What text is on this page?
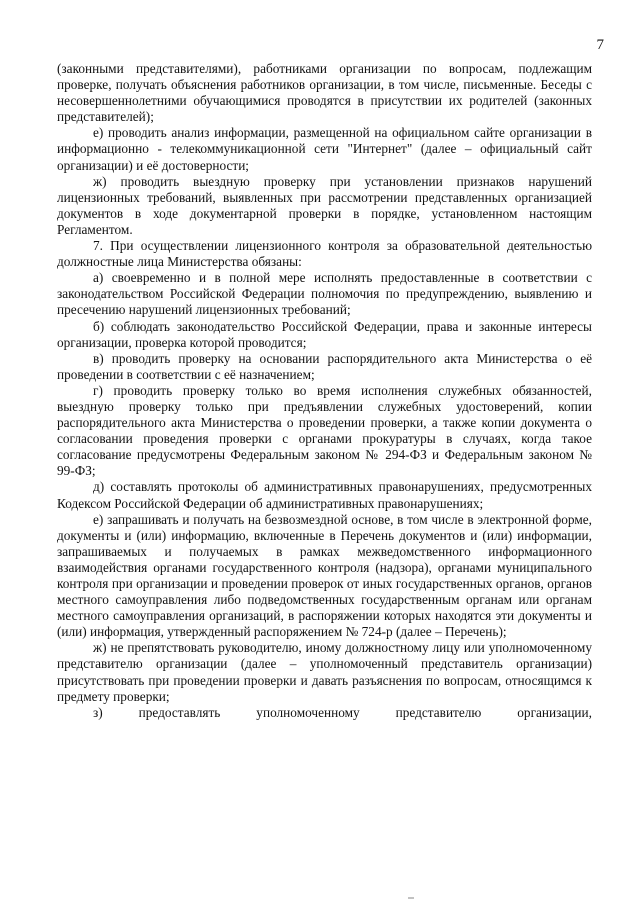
7

(законными представителями), работниками организации по вопросам, подлежащим проверке, получать объяснения работников организации, в том числе, письменные. Беседы с несовершеннолетними обучающимися проводятся в присутствии их родителей (законных представителей);

е) проводить анализ информации, размещенной на официальном сайте организации в информационно - телекоммуникационной сети "Интернет" (далее – официальный сайт организации) и её достоверности;

ж) проводить выездную проверку при установлении признаков нарушений лицензионных требований, выявленных при рассмотрении представленных организацией документов в ходе документарной проверки в порядке, установленном настоящим Регламентом.

7. При осуществлении лицензионного контроля за образовательной деятельностью должностные лица Министерства обязаны:

а) своевременно и в полной мере исполнять предоставленные в соответствии с законодательством Российской Федерации полномочия по предупреждению, выявлению и пресечению нарушений лицензионных требований;

б) соблюдать законодательство Российской Федерации, права и законные интересы организации, проверка которой проводится;

в) проводить проверку на основании распорядительного акта Министерства о её проведении в соответствии с её назначением;

г) проводить проверку только во время исполнения служебных обязанностей, выездную проверку только при предъявлении служебных удостоверений, копии распорядительного акта Министерства о проведении проверки, а также копии документа о согласовании проведения проверки с органами прокуратуры в случаях, когда такое согласование предусмотрены Федеральным законом № 294-ФЗ и Федеральным законом № 99-ФЗ;

д) составлять протоколы об административных правонарушениях, предусмотренных Кодексом Российской Федерации об административных правонарушениях;

е) запрашивать и получать на безвозмездной основе, в том числе в электронной форме, документы и (или) информацию, включенные в Перечень документов и (или) информации, запрашиваемых и получаемых в рамках межведомственного информационного взаимодействия органами государственного контроля (надзора), органами муниципального контроля при организации и проведении проверок от иных государственных органов, органов местного самоуправления либо подведомственных государственным органам или органам местного самоуправления организаций, в распоряжении которых находятся эти документы и (или) информация, утвержденный распоряжением № 724-р (далее – Перечень);

ж) не препятствовать руководителю, иному должностному лицу или уполномоченному представителю организации (далее – уполномоченный представитель организации) присутствовать при проведении проверки и давать разъяснения по вопросам, относящимся к предмету проверки;

з) предоставлять уполномоченному представителю организации,
